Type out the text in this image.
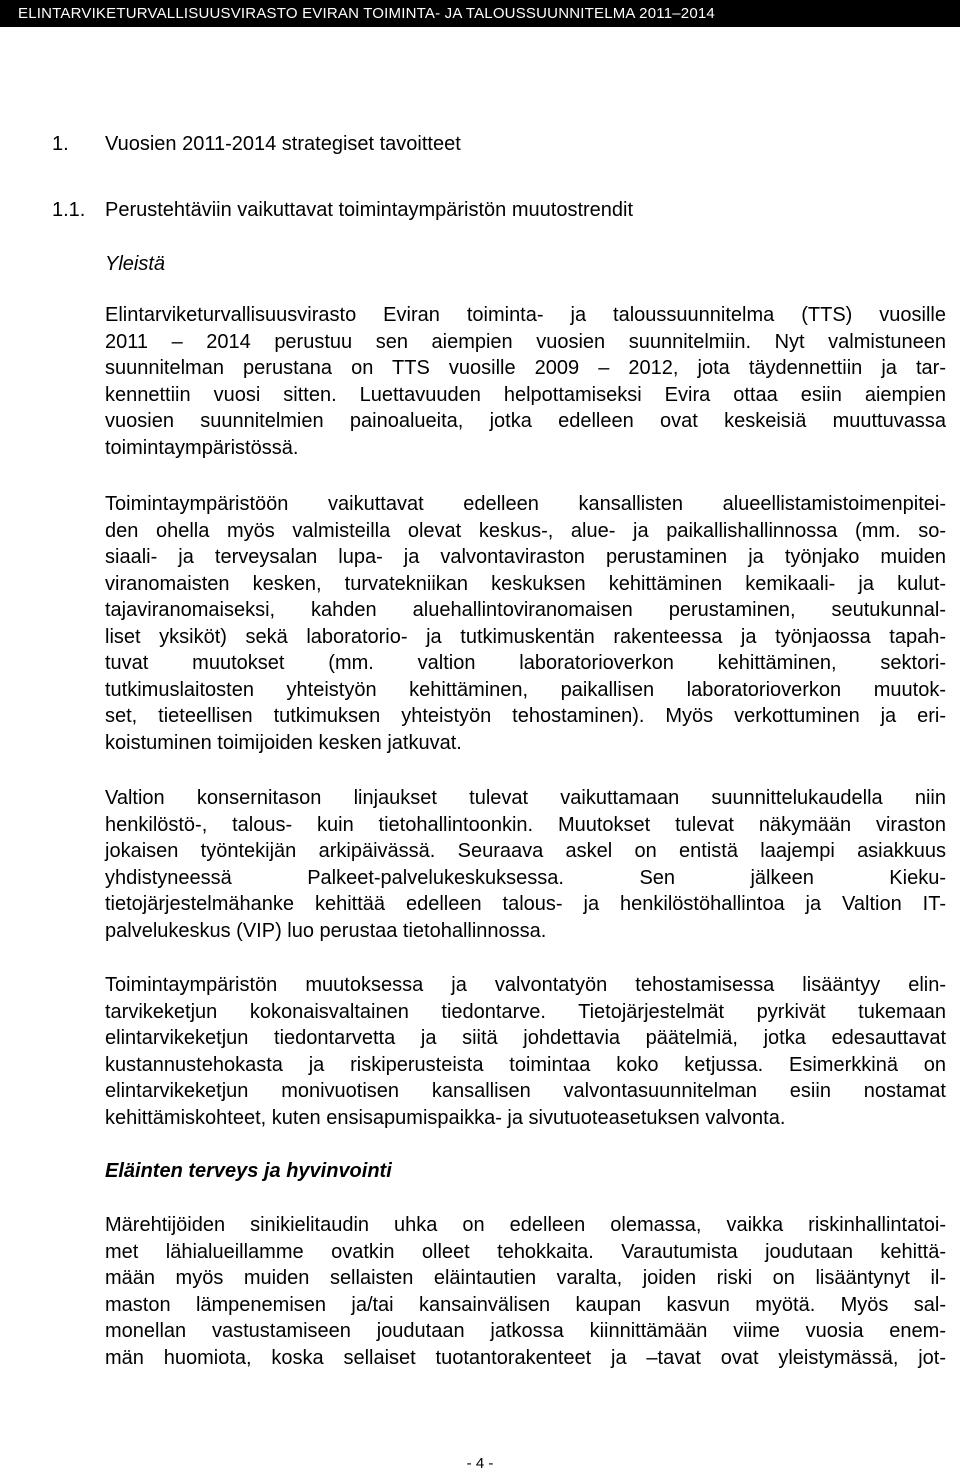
ELINTARVIKETURVALLISUUSVIRASTO EVIRAN TOIMINTA- JA TALOUSSUUNNITELMA 2011–2014
1. Vuosien 2011-2014 strategiset tavoitteet
1.1. Perustehtäviin vaikuttavat toimintaympäristön muutostrendit
Yleistä
Elintarviketurvallisuusvirasto Eviran toiminta- ja taloussuunnitelma (TTS) vuosille
2011 – 2014 perustuu sen aiempien vuosien suunnitelmiin. Nyt valmistuneen
suunnitelman perustana on TTS vuosille 2009 – 2012, jota täydennettiin ja tar-
kennettiin vuosi sitten. Luettavuuden helpottamiseksi Evira ottaa esiin aiempien
vuosien suunnitelmien painoalueita, jotka edelleen ovat keskeisiä muuttuvassa
toimintaympäristössä.
Toimintaympäristöön vaikuttavat edelleen kansallisten alueellistamistoimenpitei-
den ohella myös valmisteilla olevat keskus-, alue- ja paikallishallinnossa (mm. so-
siaali- ja terveysalan lupa- ja valvontaviraston perustaminen ja työnjako muiden
viranomaisten kesken, turvatekniikan keskuksen kehittäminen kemikaali- ja kulut-
tajaviranomaiseksi, kahden aluehallintoviranomaisen perustaminen, seutukunnal-
liset yksiköt) sekä laboratorio- ja tutkimuskentän rakenteessa ja työnjaossa tapah-
tuvat muutokset (mm. valtion laboratorioverkon kehittäminen, sektori-
tutkimuslaitosten yhteistyön kehittäminen, paikallisen laboratorioverkon muutok-
set, tieteellisen tutkimuksen yhteistyön tehostaminen). Myös verkottuminen ja eri-
koistuminen toimijoiden kesken jatkuvat.
Valtion konsernitason linjaukset tulevat vaikuttamaan suunnittelukaudella niin
henkilöstö-, talous- kuin tietohallintoonkin. Muutokset tulevat näkymään viraston
jokaisen työntekijän arkipäivässä. Seuraava askel on entistä laajempi asiakkuus
yhdistyneessä Palkeet-palvelukeskuksessa. Sen jälkeen Kieku-
tietojärjestelmähanke kehittää edelleen talous- ja henkilöstöhallintoa ja Valtion IT-
palvelukeskus (VIP) luo perustaa tietohallinnossa.
Toimintaympäristön muutoksessa ja valvontatyön tehostamisessa lisääntyy elin-
tarvikeketjun kokonaisvaltainen tiedontarve. Tietojärjestelmät pyrkivät tukemaan
elintarvikeketjun tiedontarvetta ja siitä johdettavia päätelmiä, jotka edesauttavat
kustannustehokasta ja riskiperusteista toimintaa koko ketjussa. Esimerkkinä on
elintarvikeketjun monivuotisen kansallisen valvontasuunnitelman esiin nostamat
kehittämiskohteet, kuten ensisapumispaikka- ja sivutuoteasetuksen valvonta.
Eläinten terveys ja hyvinvointi
Märehtijöiden sinikielitaudin uhka on edelleen olemassa, vaikka riskinhallintatoi-
met lähialueillamme ovatkin olleet tehokkaita. Varautumista joudutaan kehittä-
mään myös muiden sellaisten eläintautien varalta, joiden riski on lisääntynyt il-
maston lämpenemisen ja/tai kansainvälisen kaupan kasvun myötä. Myös sal-
monellan vastustamiseen joudutaan jatkossa kiinnittämään viime vuosia enem-
män huomiota, koska sellaiset tuotantorakenteet ja –tavat ovat yleistymässä, jot-
- 4 -
